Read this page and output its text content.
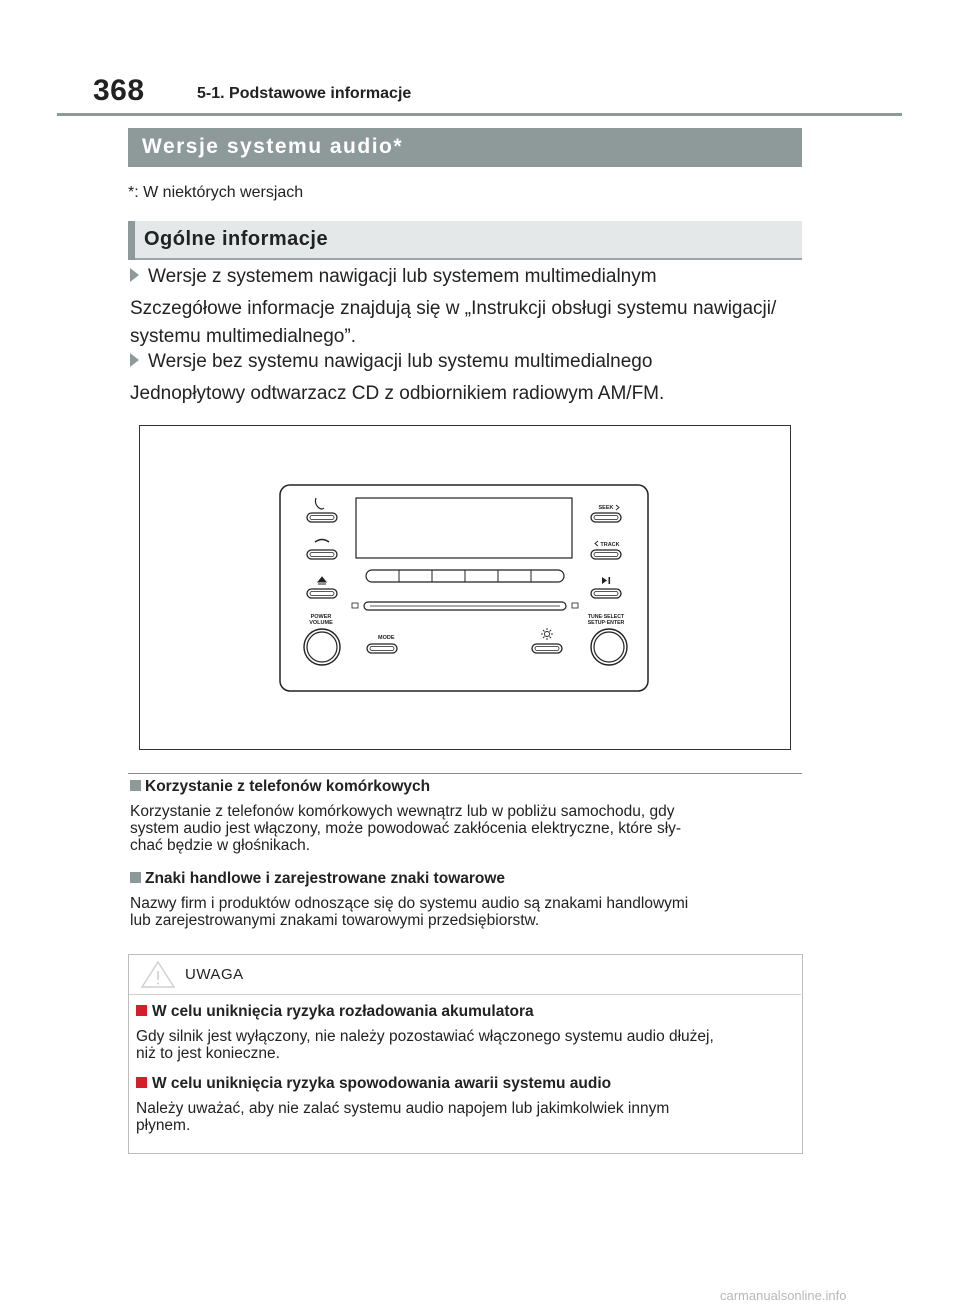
368	5-1. Podstawowe informacje
Wersje systemu audio*
*: W niektórych wersjach
Ogólne informacje
Wersje z systemem nawigacji lub systemem multimedialnym
Szczegółowe informacje znajdują się w „Instrukcji obsługi systemu nawigacji/
systemu multimedialnego”.
Wersje bez systemu nawigacji lub systemu multimedialnego
Jednopłytowy odtwarzacz CD z odbiornikiem radiowym AM/FM.
POWER
VOLUME
MODE
SEEK
TRACK
TUNE·SELECT
SETUP·ENTER
Korzystanie z telefonów komórkowych
Korzystanie z telefonów komórkowych wewnątrz lub w pobliżu samochodu, gdy
system audio jest włączony, może powodować zakłócenia elektryczne, które sły-
chać będzie w głośnikach.
Znaki handlowe i zarejestrowane znaki towarowe
Nazwy firm i produktów odnoszące się do systemu audio są znakami handlowymi
lub zarejestrowanymi znakami towarowymi przedsiębiorstw.
UWAGA
W celu uniknięcia ryzyka rozładowania akumulatora
Gdy silnik jest wyłączony, nie należy pozostawiać włączonego systemu audio dłużej,
niż to jest konieczne.
W celu uniknięcia ryzyka spowodowania awarii systemu audio
Należy uważać, aby nie zalać systemu audio napojem lub jakimkolwiek innym
płynem.
carmanualsonline.info
